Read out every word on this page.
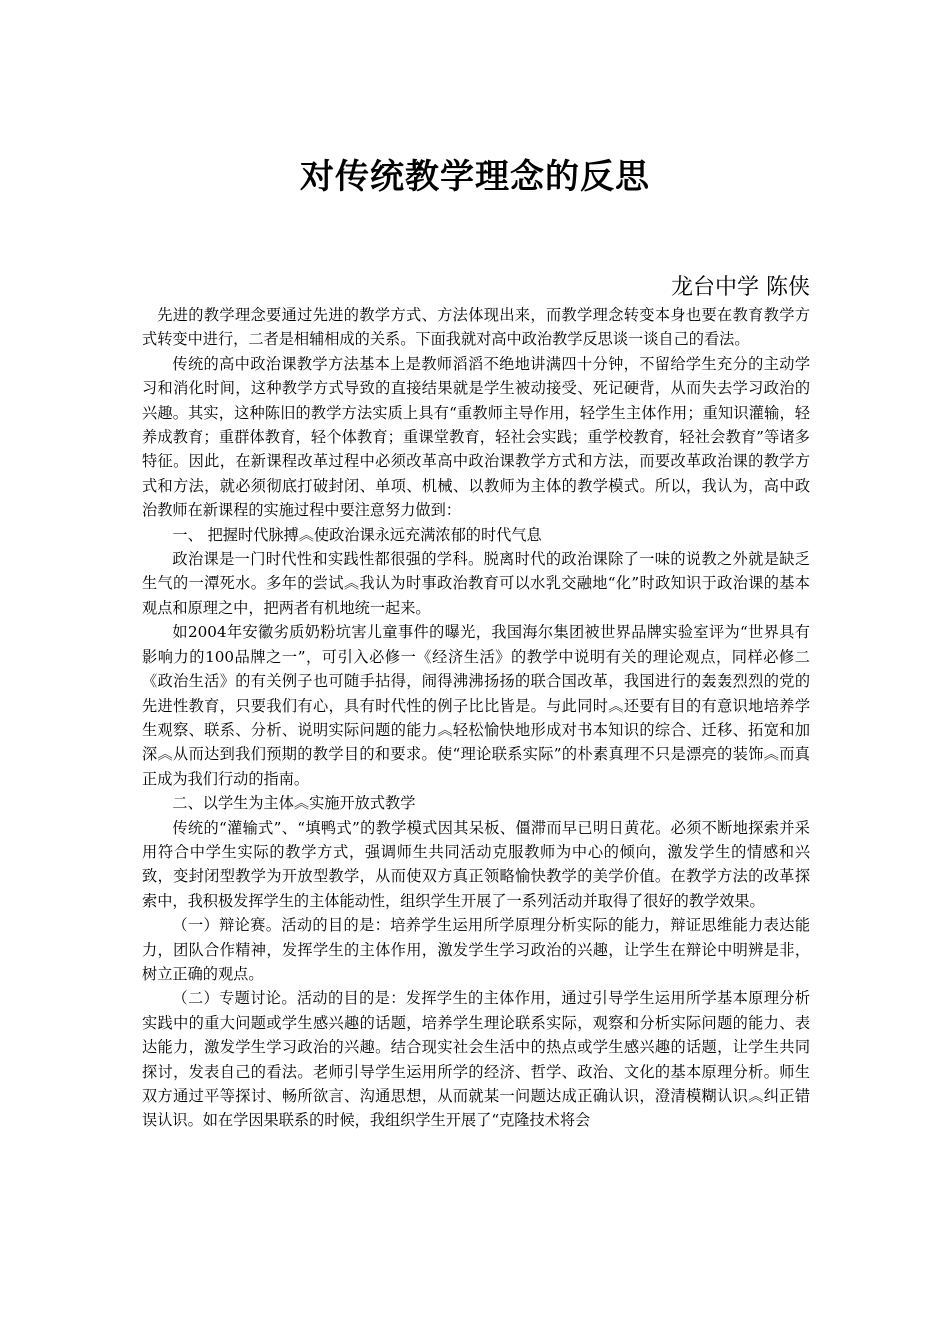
对传统教学理念的反思

龙台中学 陈侠

先进的教学理念要通过先进的教学方式、方法体现出来，而教学理念转变本身也要在教育教学方式转变中进行，二者是相辅相成的关系。下面我就对高中政治教学反思谈一谈自己的看法。

传统的高中政治课教学方法基本上是教师滔滔不绝地讲满四十分钟，不留给学生充分的主动学习和消化时间，这种教学方式导致的直接结果就是学生被动接受、死记硬背，从而失去学习政治的兴趣。其实，这种陈旧的教学方法实质上具有“重教师主导作用，轻学生主体作用；重知识灌输，轻养成教育；重群体教育，轻个体教育；重课堂教育，轻社会实践；重学校教育，轻社会教育”等诸多特征。因此，在新课程改革过程中必须改革高中政治课教学方式和方法，而要改革政治课的教学方式和方法，就必须彻底打破封闭、单项、机械、以教师为主体的教学模式。所以，我认为，高中政治教师在新课程的实施过程中要注意努力做到：

一、 把握时代脉搏︽使政治课永远充满浓郁的时代气息

政治课是一门时代性和实践性都很强的学科。脱离时代的政治课除了一味的说教之外就是缺乏生气的一潭死水。多年的尝试︽我认为时事政治教育可以水乳交融地“化”时政知识于政治课的基本观点和原理之中，把两者有机地统一起来。

如2004年安徽劣质奶粉坑害儿童事件的曝光，我国海尔集团被世界品牌实验室评为“世界具有影响力的100品牌之一”，可引入必修一《经济生活》的教学中说明有关的理论观点，同样必修二《政治生活》的有关例子也可随手拈得，闹得沸沸扬扬的联合国改革，我国进行的轰轰烈烈的党的先进性教育，只要我们有心，具有时代性的例子比比皆是。与此同时︽还要有目的有意识地培养学生观察、联系、分析、说明实际问题的能力︽轻松愉快地形成对书本知识的综合、迁移、拓宽和加深︽从而达到我们预期的教学目的和要求。使“理论联系实际”的朴素真理不只是漂亮的装饰︽而真正成为我们行动的指南。

二、以学生为主体︽实施开放式教学

传统的“灌输式”、“填鸭式”的教学模式因其呆板、僵滞而早已明日黄花。必须不断地探索并采用符合中学生实际的教学方式，强调师生共同活动克服教师为中心的倾向，激发学生的情感和兴致，变封闭型教学为开放型教学，从而使双方真正领略愉快教学的美学价值。在教学方法的改革探索中，我积极发挥学生的主体能动性，组织学生开展了一系列活动并取得了很好的教学效果。

（一）辩论赛。活动的目的是：培养学生运用所学原理分析实际的能力，辩证思维能力表达能力，团队合作精神，发挥学生的主体作用，激发学生学习政治的兴趣，让学生在辩论中明辨是非，树立正确的观点。

（二）专题讨论。活动的目的是：发挥学生的主体作用，通过引导学生运用所学基本原理分析实践中的重大问题或学生感兴趣的话题，培养学生理论联系实际，观察和分析实际问题的能力、表达能力，激发学生学习政治的兴趣。结合现实社会生活中的热点或学生感兴趣的话题，让学生共同探讨，发表自己的看法。老师引导学生运用所学的经济、哲学、政治、文化的基本原理分析。师生双方通过平等探讨、畅所欲言、沟通思想，从而就某一问题达成正确认识，澄清模糊认识︽纠正错误认识。如在学因果联系的时候，我组织学生开展了“克隆技术将会
